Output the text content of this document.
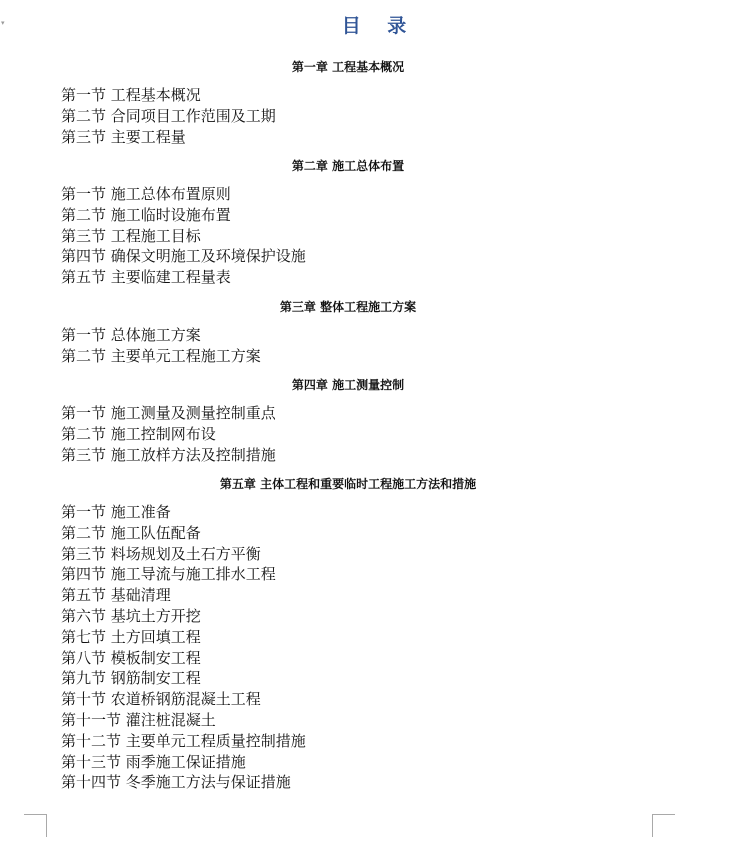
▾	目 录
第一章 工程基本概况
第一节 工程基本概况
第二节 合同项目工作范围及工期
第三节 主要工程量
第二章 施工总体布置
第一节 施工总体布置原则
第二节 施工临时设施布置
第三节 工程施工目标
第四节 确保文明施工及环境保护设施
第五节 主要临建工程量表
第三章 整体工程施工方案
第一节 总体施工方案
第二节 主要单元工程施工方案
第四章 施工测量控制
第一节 施工测量及测量控制重点
第二节 施工控制网布设
第三节 施工放样方法及控制措施
第五章 主体工程和重要临时工程施工方法和措施
第一节 施工准备
第二节 施工队伍配备
第三节 料场规划及土石方平衡
第四节 施工导流与施工排水工程
第五节 基础清理
第六节 基坑土方开挖
第七节 土方回填工程
第八节 模板制安工程
第九节 钢筋制安工程
第十节 农道桥钢筋混凝土工程
第十一节 灌注桩混凝土
第十二节 主要单元工程质量控制措施
第十三节 雨季施工保证措施
第十四节 冬季施工方法与保证措施
